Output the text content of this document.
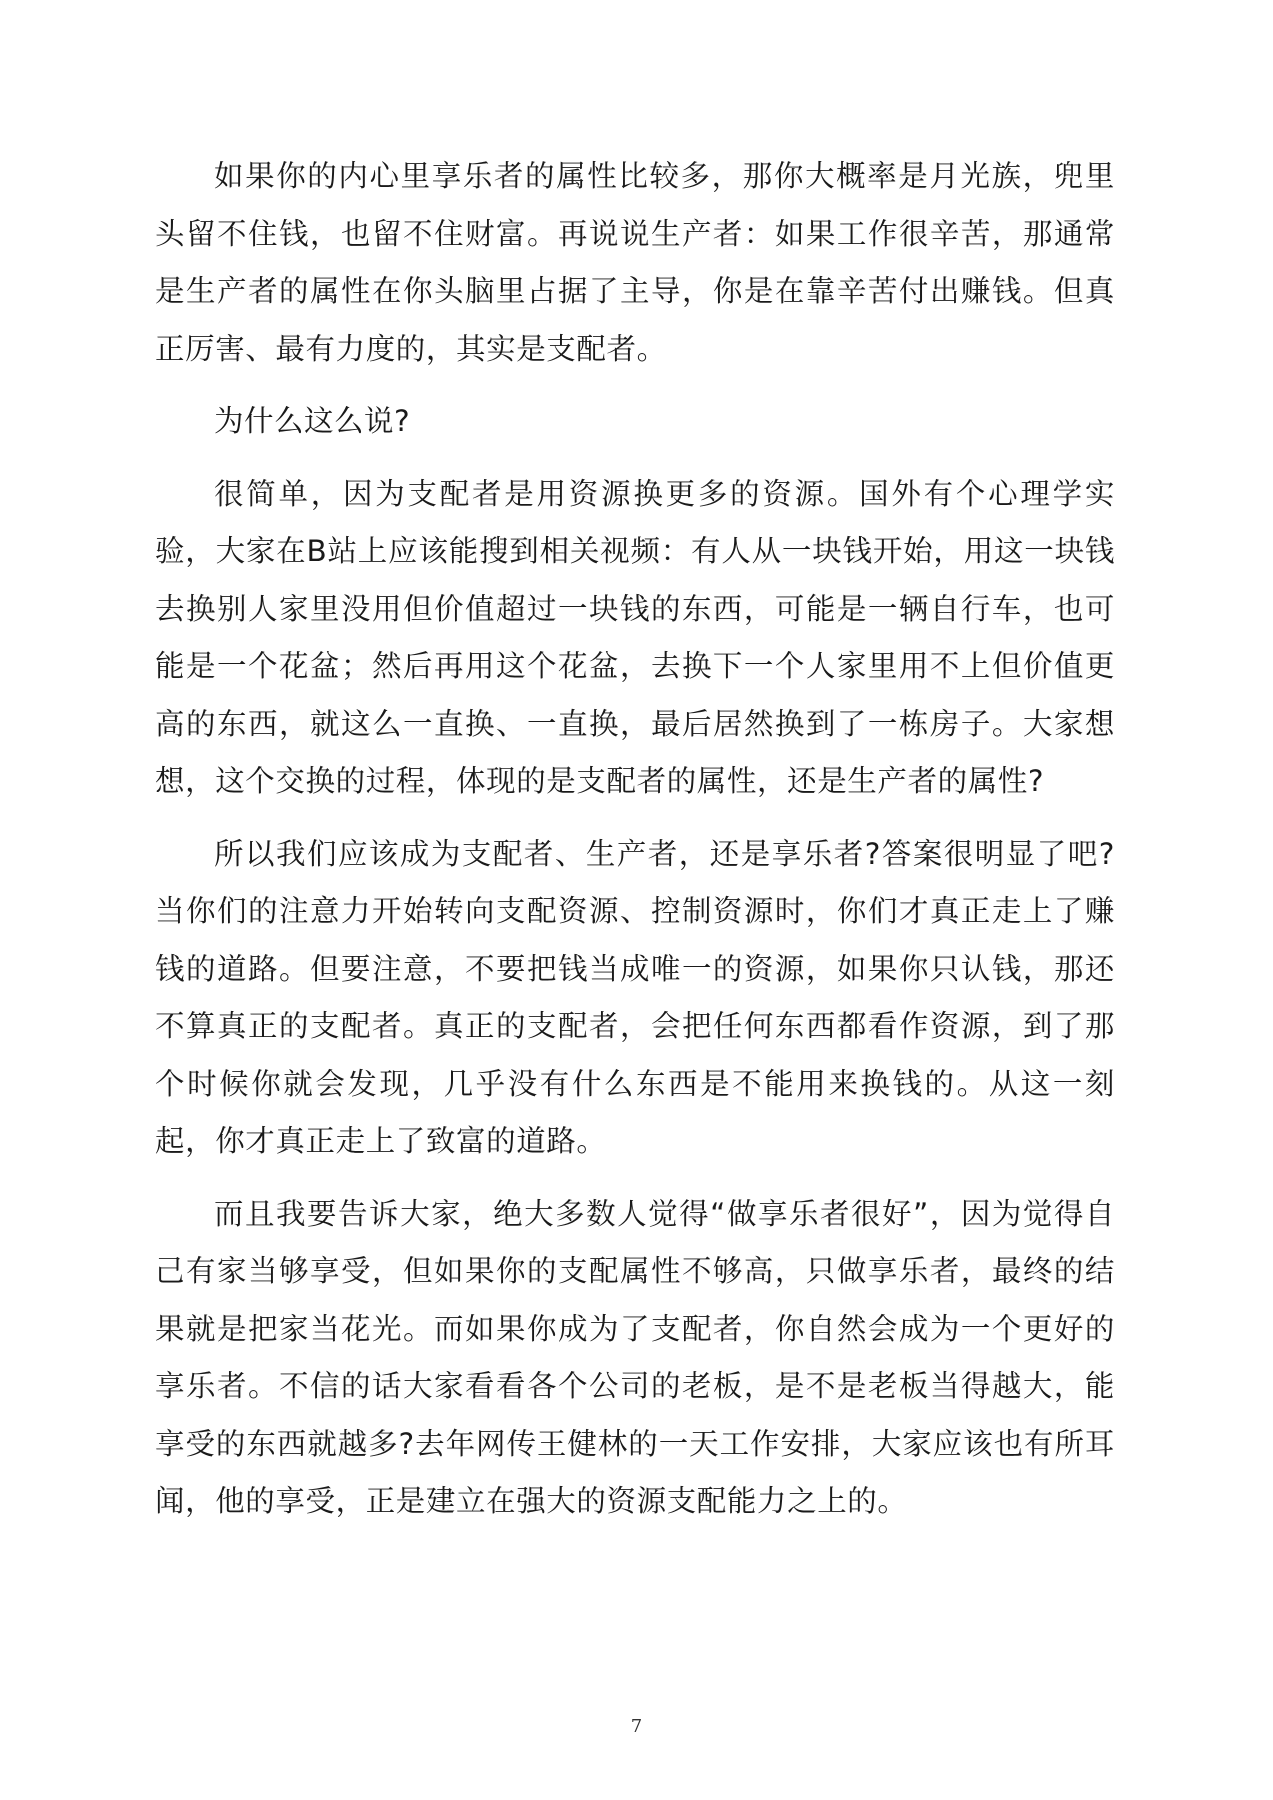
如果你的内心里享乐者的属性比较多，那你大概率是月光族，兜里头留不住钱，也留不住财富。再说说生产者：如果工作很辛苦，那通常是生产者的属性在你头脑里占据了主导，你是在靠辛苦付出赚钱。但真正厉害、最有力度的，其实是支配者。

为什么这么说?

很简单，因为支配者是用资源换更多的资源。国外有个心理学实验，大家在B站上应该能搜到相关视频：有人从一块钱开始，用这一块钱去换别人家里没用但价值超过一块钱的东西，可能是一辆自行车，也可能是一个花盆；然后再用这个花盆，去换下一个人家里用不上但价值更高的东西，就这么一直换、一直换，最后居然换到了一栋房子。大家想想，这个交换的过程，体现的是支配者的属性，还是生产者的属性?

所以我们应该成为支配者、生产者，还是享乐者?答案很明显了吧?当你们的注意力开始转向支配资源、控制资源时，你们才真正走上了赚钱的道路。但要注意，不要把钱当成唯一的资源，如果你只认钱，那还不算真正的支配者。真正的支配者，会把任何东西都看作资源，到了那个时候你就会发现，几乎没有什么东西是不能用来换钱的。从这一刻起，你才真正走上了致富的道路。

而且我要告诉大家，绝大多数人觉得“做享乐者很好”，因为觉得自己有家当够享受，但如果你的支配属性不够高，只做享乐者，最终的结果就是把家当花光。而如果你成为了支配者，你自然会成为一个更好的享乐者。不信的话大家看看各个公司的老板，是不是老板当得越大，能享受的东西就越多?去年网传王健林的一天工作安排，大家应该也有所耳闻，他的享受，正是建立在强大的资源支配能力之上的。

7
